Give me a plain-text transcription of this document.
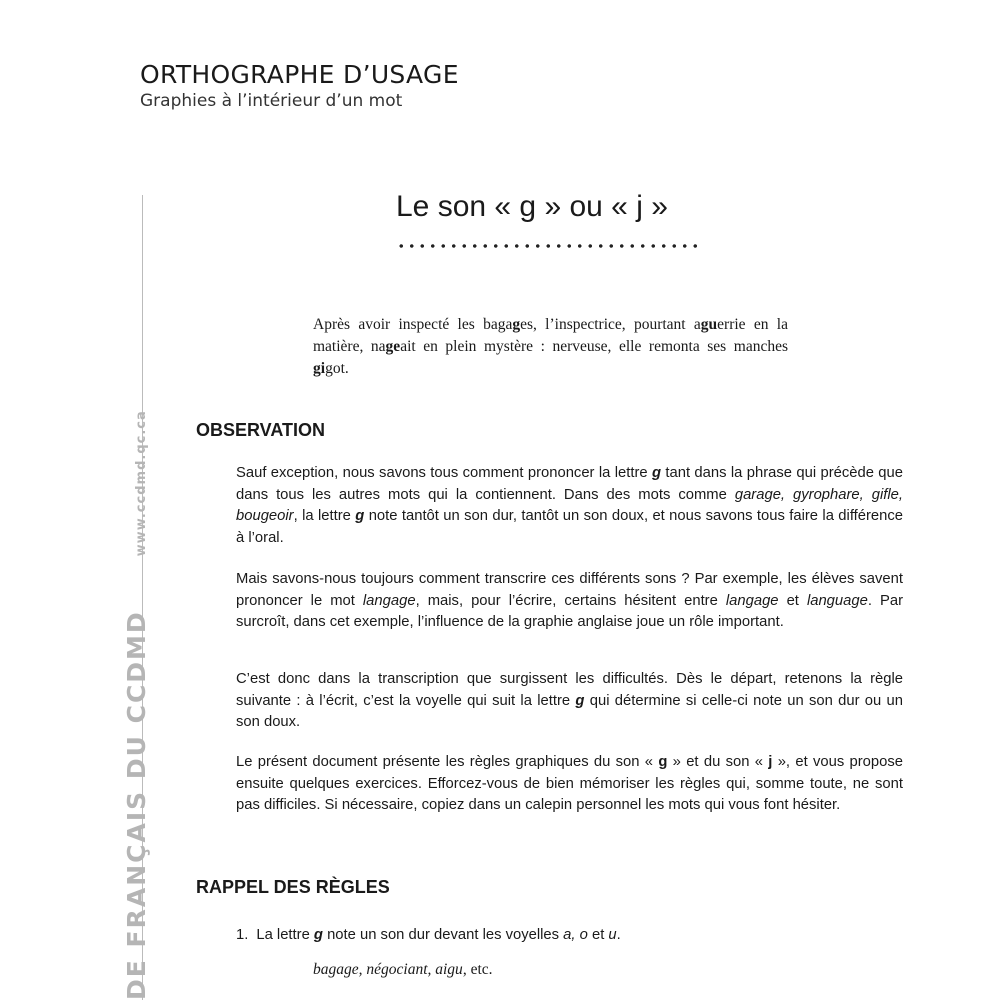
ORTHOGRAPHE D’USAGE
Graphies à l’intérieur d’un mot
DE FRANÇAIS DU CCDMDwww.ccdmd.qc.ca
Le son « g » ou « j »
Après avoir inspecté les bagages, l’inspectrice, pourtant aguerrie en la matière, nageait en plein mystère : nerveuse, elle remonta ses manches gigot.
OBSERVATION
Sauf exception, nous savons tous comment prononcer la lettre g tant dans la phrase qui précède que dans tous les autres mots qui la contiennent. Dans des mots comme garage, gyrophare, gifle, bougeoir, la lettre g note tantôt un son dur, tantôt un son doux, et nous savons tous faire la différence à l’oral.
Mais savons-nous toujours comment transcrire ces différents sons ? Par exemple, les élèves savent prononcer le mot langage, mais, pour l’écrire, certains hésitent entre langage et language. Par surcroît, dans cet exemple, l’influence de la graphie anglaise joue un rôle important.
C’est donc dans la transcription que surgissent les difficultés. Dès le départ, retenons la règle suivante : à l’écrit, c’est la voyelle qui suit la lettre g qui détermine si celle-ci note un son dur ou un son doux.
Le présent document présente les règles graphiques du son « g » et du son « j », et vous propose ensuite quelques exercices. Efforcez-vous de bien mémoriser les règles qui, somme toute, ne sont pas difficiles. Si nécessaire, copiez dans un calepin personnel les mots qui vous font hésiter.
RAPPEL DES RÈGLES
1. La lettre g note un son dur devant les voyelles a, o et u.
bagage, négociant, aigu, etc.
